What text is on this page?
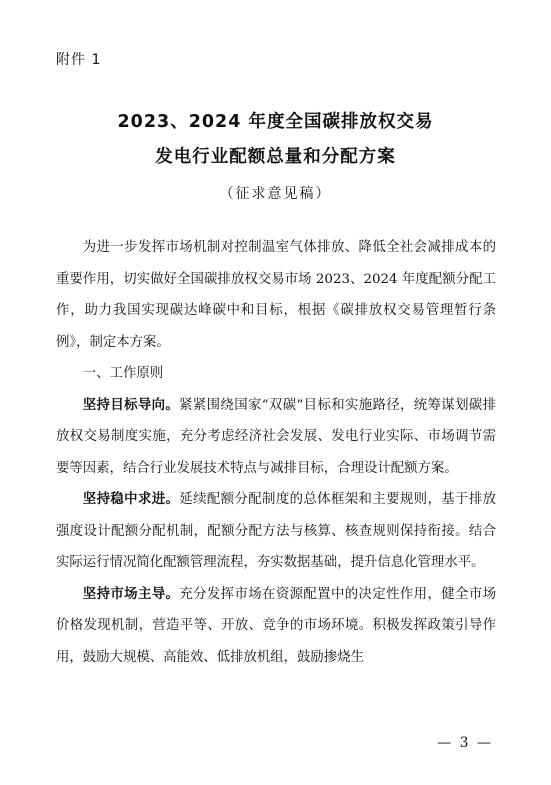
附件 1
2023、2024 年度全国碳排放权交易
发电行业配额总量和分配方案
（征求意见稿）

为进一步发挥市场机制对控制温室气体排放、降低全社会减排成本的重要作用，切实做好全国碳排放权交易市场 2023、2024 年度配额分配工作，助力我国实现碳达峰碳中和目标，根据《碳排放权交易管理暂行条例》，制定本方案。

一、工作原则

坚持目标导向。紧紧围绕国家“双碳”目标和实施路径，统筹谋划碳排放权交易制度实施，充分考虑经济社会发展、发电行业实际、市场调节需要等因素，结合行业发展技术特点与减排目标，合理设计配额方案。

坚持稳中求进。延续配额分配制度的总体框架和主要规则，基于排放强度设计配额分配机制，配额分配方法与核算、核查规则保持衔接。结合实际运行情况简化配额管理流程，夯实数据基础，提升信息化管理水平。

坚持市场主导。充分发挥市场在资源配置中的决定性作用，健全市场价格发现机制，营造平等、开放、竞争的市场环境。积极发挥政策引导作用，鼓励大规模、高能效、低排放机组，鼓励掺烧生

— 3 —
